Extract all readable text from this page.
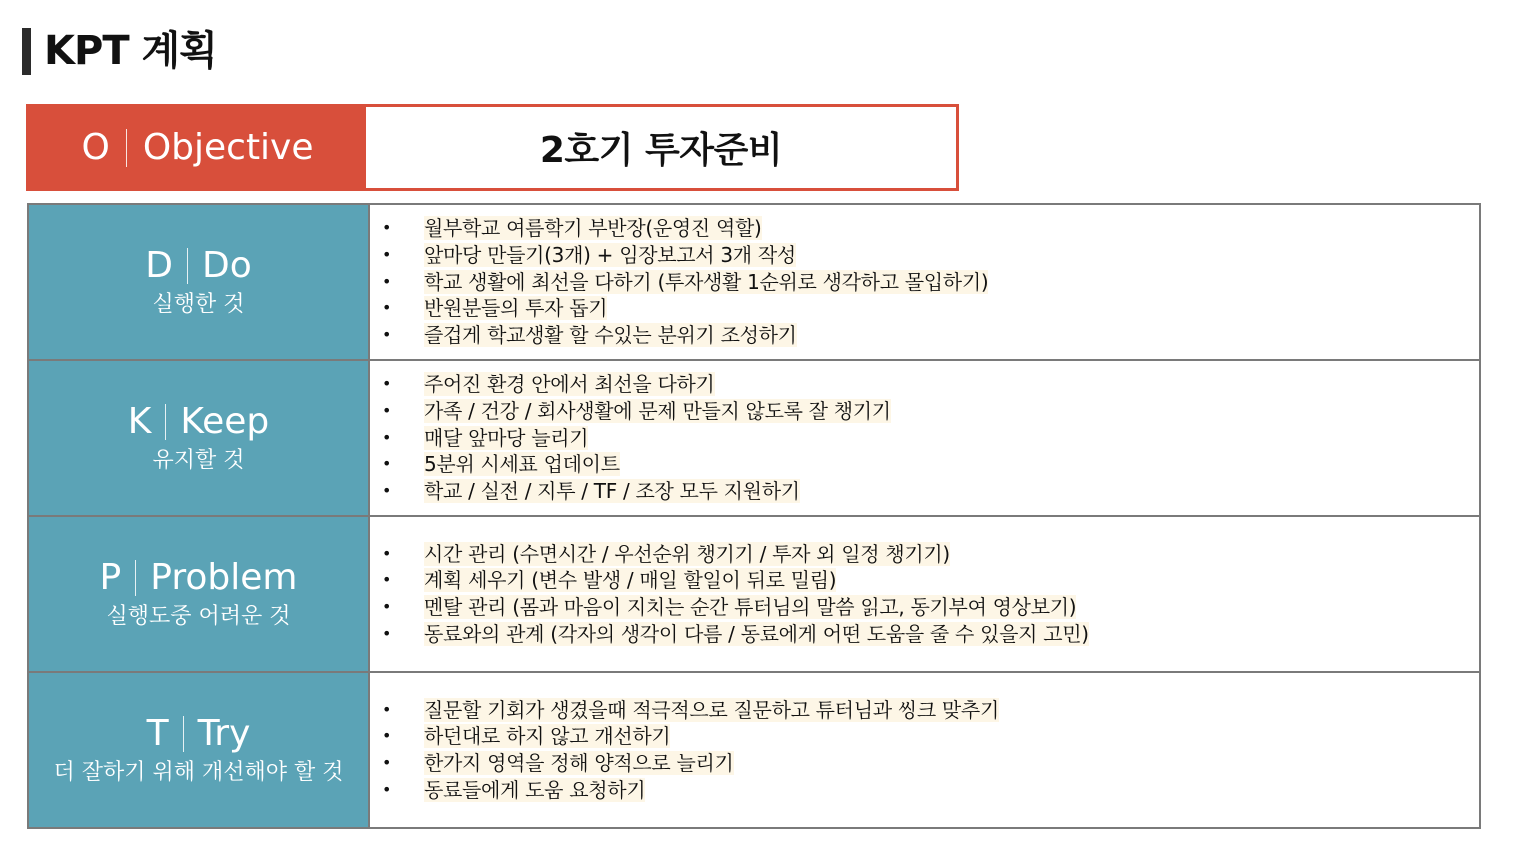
KPT 계획
O Objective	2호기 투자준비
D Do
실행한 것
• 월부학교 여름학기 부반장(운영진 역할)
• 앞마당 만들기(3개) + 임장보고서 3개 작성
• 학교 생활에 최선을 다하기 (투자생활 1순위로 생각하고 몰입하기)
• 반원분들의 투자 돕기
• 즐겁게 학교생활 할 수있는 분위기 조성하기
K Keep
유지할 것
• 주어진 환경 안에서 최선을 다하기
• 가족 / 건강 / 회사생활에 문제 만들지 않도록 잘 챙기기
• 매달 앞마당 늘리기
• 5분위 시세표 업데이트
• 학교 / 실전 / 지투 / TF / 조장 모두 지원하기
P Problem
실행도중 어려운 것
• 시간 관리 (수면시간 / 우선순위 챙기기 / 투자 외 일정 챙기기)
• 계획 세우기 (변수 발생 / 매일 할일이 뒤로 밀림)
• 멘탈 관리 (몸과 마음이 지치는 순간 튜터님의 말씀 읽고, 동기부여 영상보기)
• 동료와의 관계 (각자의 생각이 다름 / 동료에게 어떤 도움을 줄 수 있을지 고민)
T Try
더 잘하기 위해 개선해야 할 것
• 질문할 기회가 생겼을때 적극적으로 질문하고 튜터님과 씽크 맞추기
• 하던대로 하지 않고 개선하기
• 한가지 영역을 정해 양적으로 늘리기
• 동료들에게 도움 요청하기
